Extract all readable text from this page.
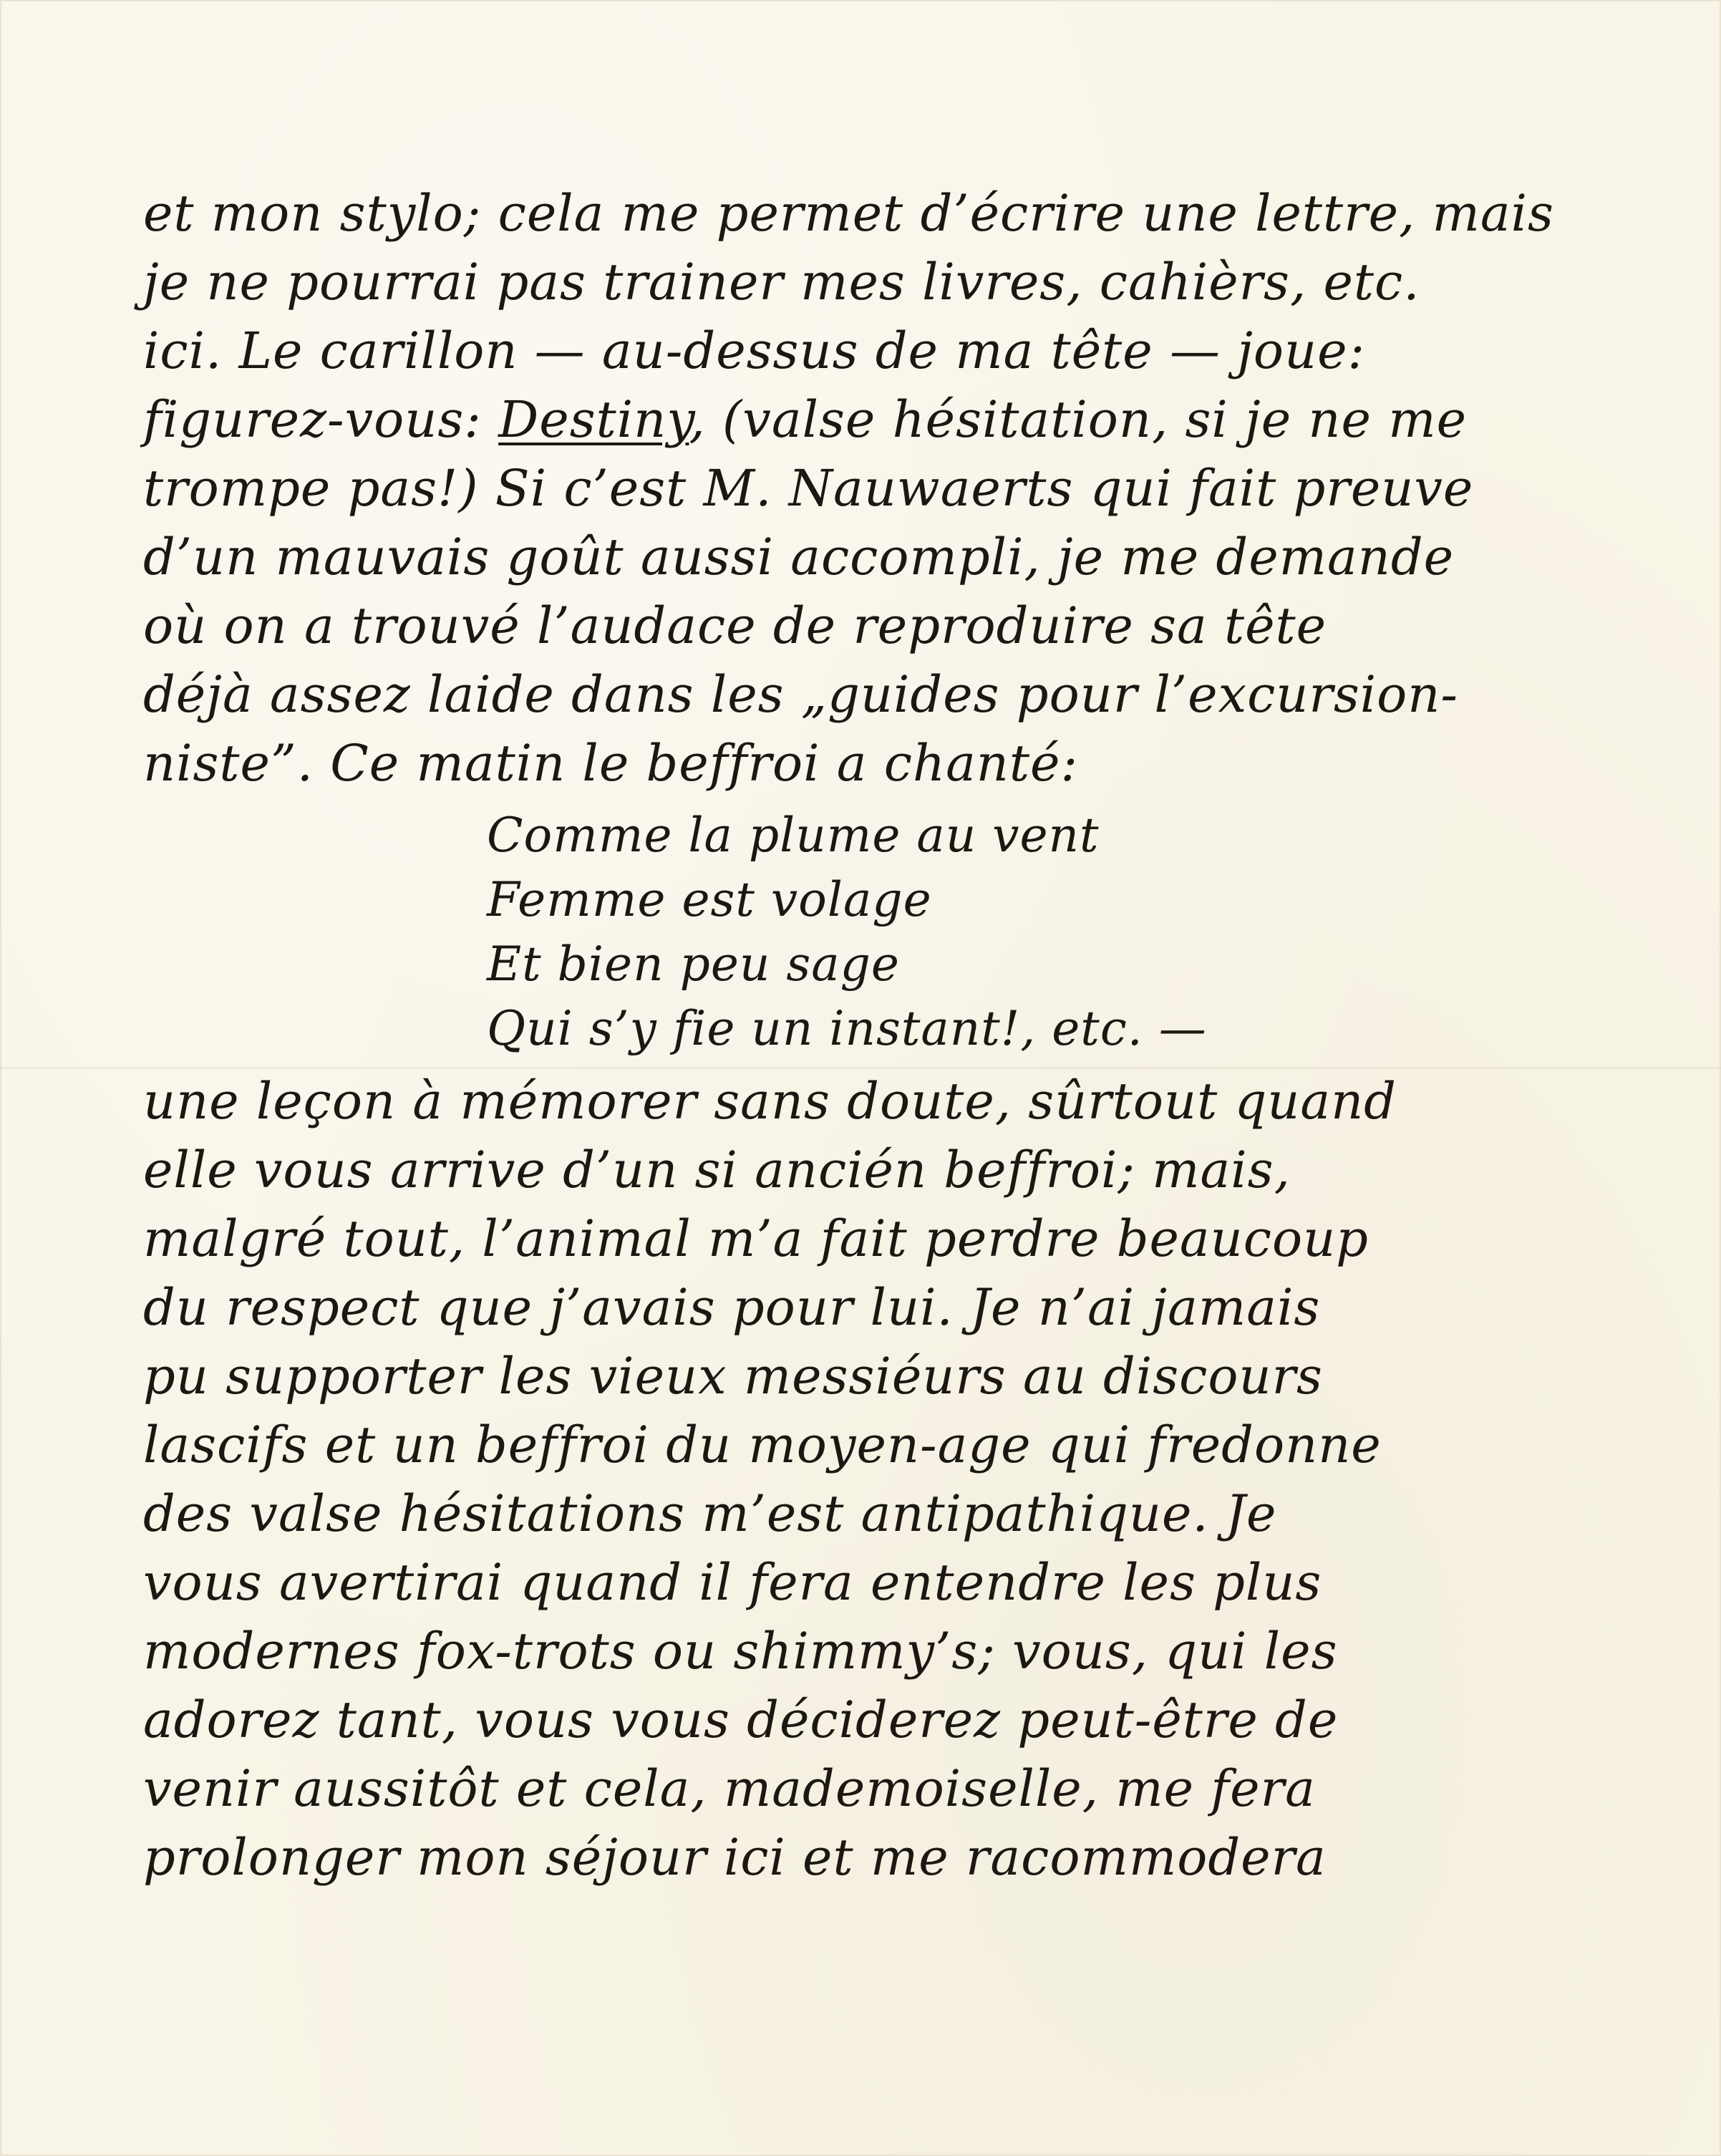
et mon stylo; cela me permet d’écrire une lettre, mais
je ne pourrai pas trainer mes livres, cahièrs, etc.
ici. Le carillon — au-dessus de ma tête — joue:
figurez-vous: Destiny, (valse hésitation, si je ne me
trompe pas!) Si c’est M. Nauwaerts qui fait preuve
d’un mauvais goût aussi accompli, je me demande
où on a trouvé l’audace de reproduire sa tête
déjà assez laide dans les „guides pour l’excursion-
niste”. Ce matin le beffroi a chanté:
Comme la plume au vent
Femme est volage
Et bien peu sage
Qui s’y fie un instant!, etc. —
une leçon à mémorer sans doute, sûrtout quand
elle vous arrive d’un si ancién beffroi; mais,
malgré tout, l’animal m’a fait perdre beaucoup
du respect que j’avais pour lui. Je n’ai jamais
pu supporter les vieux messiéurs au discours
lascifs et un beffroi du moyen-age qui fredonne
des valse hésitations m’est antipathique. Je
vous avertirai quand il fera entendre les plus
modernes fox-trots ou shimmy’s; vous, qui les
adorez tant, vous vous déciderez peut-être de
venir aussitôt et cela, mademoiselle, me fera
prolonger mon séjour ici et me racommodera
